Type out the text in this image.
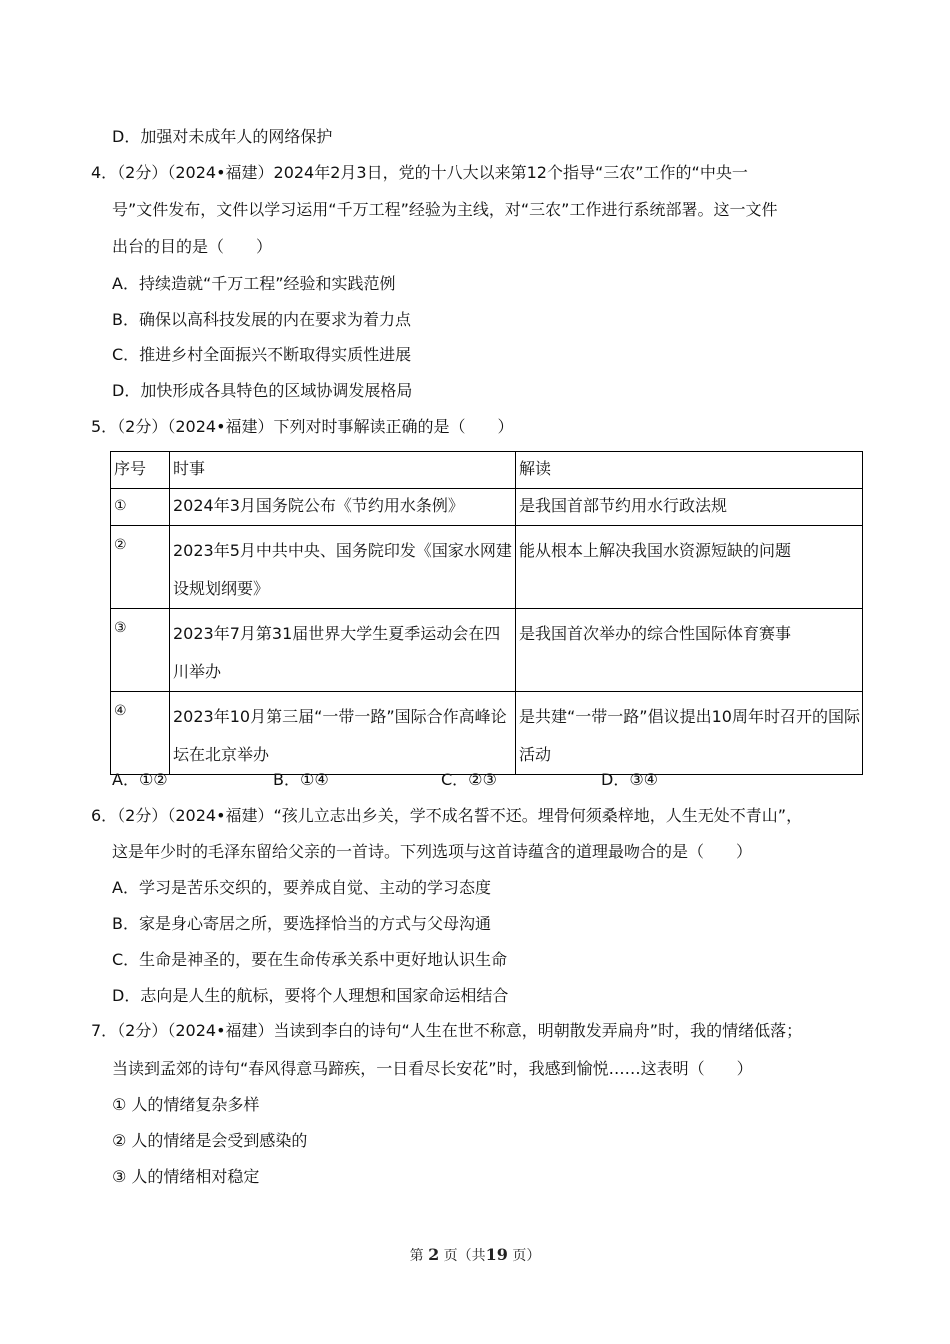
D．加强对未成年人的网络保护
4．（2分）（2024•福建）2024年2月3日，党的十八大以来第12个指导“三农”工作的“中央一
号”文件发布，文件以学习运用“千万工程”经验为主线，对“三农”工作进行系统部署。这一文件
出台的目的是（　　）
A．持续造就“千万工程”经验和实践范例
B．确保以高科技发展的内在要求为着力点
C．推进乡村全面振兴不断取得实质性进展
D．加快形成各具特色的区域协调发展格局
5．（2分）（2024•福建）下列对时事解读正确的是（　　）
序号	时事	解读
①	2024年3月国务院公布《节约用水条例》	是我国首部节约用水行政法规
②	2023年5月中共中央、国务院印发《国家水网建设规划纲要》	能从根本上解决我国水资源短缺的问题
③	2023年7月第31届世界大学生夏季运动会在四川举办	是我国首次举办的综合性国际体育赛事
④	2023年10月第三届“一带一路”国际合作高峰论坛在北京举办	是共建“一带一路”倡议提出10周年时召开的国际活动
A．①②	B．①④	C．②③	D．③④
6．（2分）（2024•福建）“孩儿立志出乡关，学不成名誓不还。埋骨何须桑梓地，人生无处不青山”，
这是年少时的毛泽东留给父亲的一首诗。下列选项与这首诗蕴含的道理最吻合的是（　　）
A．学习是苦乐交织的，要养成自觉、主动的学习态度
B．家是身心寄居之所，要选择恰当的方式与父母沟通
C．生命是神圣的，要在生命传承关系中更好地认识生命
D．志向是人生的航标，要将个人理想和国家命运相结合
7．（2分）（2024•福建）当读到李白的诗句“人生在世不称意，明朝散发弄扁舟”时，我的情绪低落；
当读到孟郊的诗句“春风得意马蹄疾，一日看尽长安花”时，我感到愉悦……这表明（　　）
① 人的情绪复杂多样
② 人的情绪是会受到感染的
③ 人的情绪相对稳定
第 2 页（共19 页）
